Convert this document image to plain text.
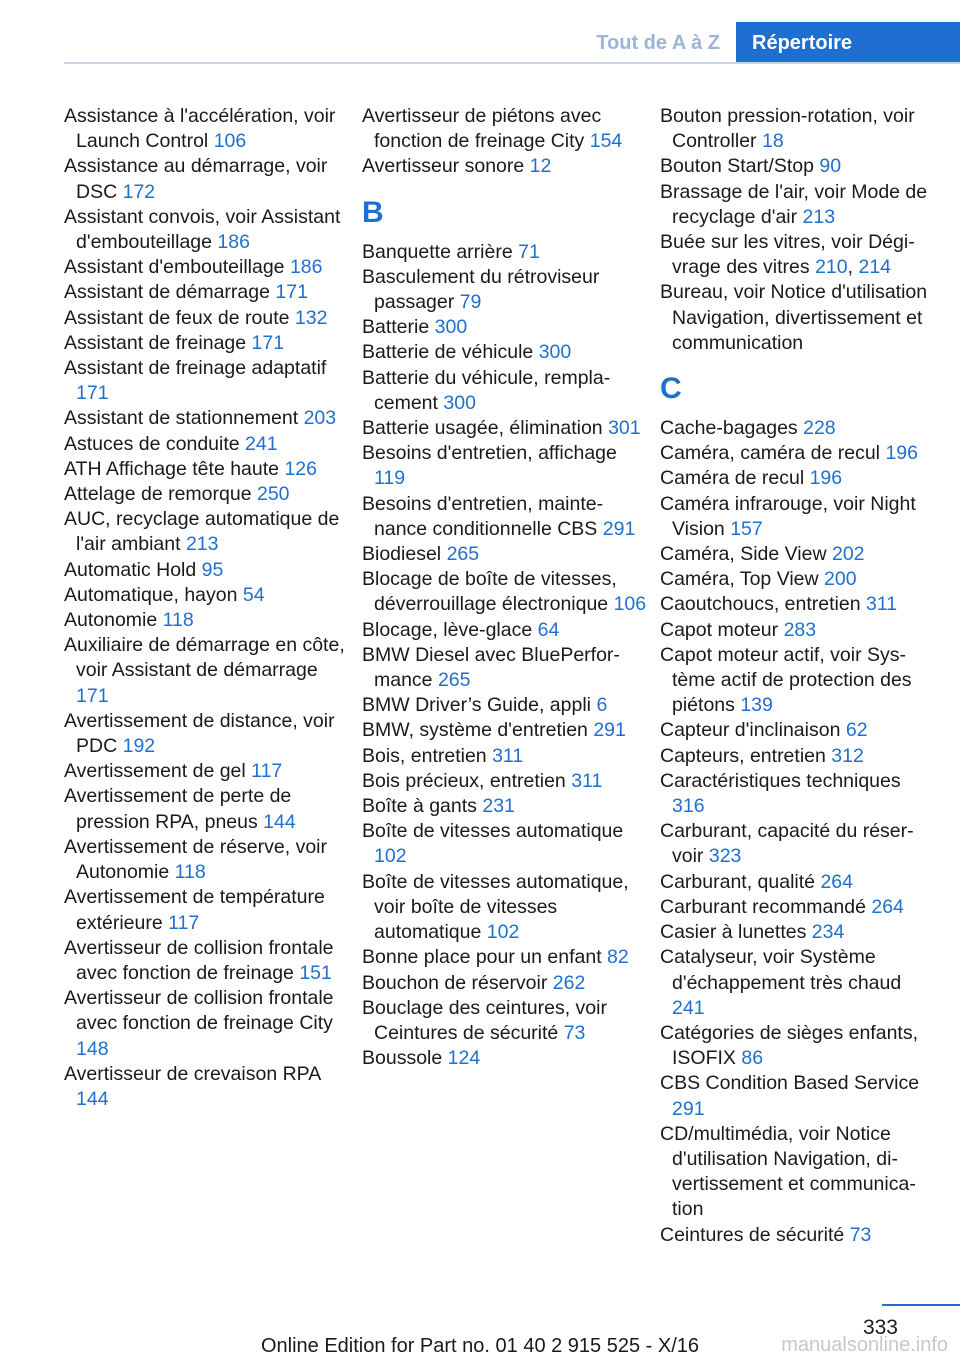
Tout de A à Z	Répertoire
Assistance à l'accélération, voir Launch Control 106
Assistance au démarrage, voir DSC 172
Assistant convois, voir Assistant d'embouteillage 186
Assistant d'embouteillage 186
Assistant de démarrage 171
Assistant de feux de route 132
Assistant de freinage 171
Assistant de freinage adaptatif 171
Assistant de stationnement 203
Astuces de conduite 241
ATH Affichage tête haute 126
Attelage de remorque 250
AUC, recyclage automatique de l'air ambiant 213
Automatic Hold 95
Automatique, hayon 54
Autonomie 118
Auxiliaire de démarrage en côte, voir Assistant de démarrage 171
Avertissement de distance, voir PDC 192
Avertissement de gel 117
Avertissement de perte de pression RPA, pneus 144
Avertissement de réserve, voir Autonomie 118
Avertissement de température extérieure 117
Avertisseur de collision frontale avec fonction de freinage 151
Avertisseur de collision frontale avec fonction de freinage City 148
Avertisseur de crevaison RPA 144
Avertisseur de piétons avec fonction de freinage City 154
Avertisseur sonore 12
B
Banquette arrière 71
Basculement du rétroviseur passager 79
Batterie 300
Batterie de véhicule 300
Batterie du véhicule, remplacement 300
Batterie usagée, élimination 301
Besoins d'entretien, affichage 119
Besoins d'entretien, maintenance conditionnelle CBS 291
Biodiesel 265
Blocage de boîte de vitesses, déverrouillage électronique 106
Blocage, lève-glace 64
BMW Diesel avec BluePerformance 265
BMW Driver’s Guide, appli 6
BMW, système d'entretien 291
Bois, entretien 311
Bois précieux, entretien 311
Boîte à gants 231
Boîte de vitesses automatique 102
Boîte de vitesses automatique, voir boîte de vitesses automatique 102
Bonne place pour un enfant 82
Bouchon de réservoir 262
Bouclage des ceintures, voir Ceintures de sécurité 73
Boussole 124
Bouton pression-rotation, voir Controller 18
Bouton Start/Stop 90
Brassage de l'air, voir Mode de recyclage d'air 213
Buée sur les vitres, voir Dégivrage des vitres 210, 214
Bureau, voir Notice d'utilisation Navigation, divertissement et communication
C
Cache-bagages 228
Caméra, caméra de recul 196
Caméra de recul 196
Caméra infrarouge, voir Night Vision 157
Caméra, Side View 202
Caméra, Top View 200
Caoutchoucs, entretien 311
Capot moteur 283
Capot moteur actif, voir Système actif de protection des piétons 139
Capteur d'inclinaison 62
Capteurs, entretien 312
Caractéristiques techniques 316
Carburant, capacité du réservoir 323
Carburant, qualité 264
Carburant recommandé 264
Casier à lunettes 234
Catalyseur, voir Système d'échappement très chaud 241
Catégories de sièges enfants, ISOFIX 86
CBS Condition Based Service 291
CD/multimédia, voir Notice d'utilisation Navigation, divertissement et communication
Ceintures de sécurité 73
333
Online Edition for Part no. 01 40 2 915 525 - X/16	manualsonline.info
